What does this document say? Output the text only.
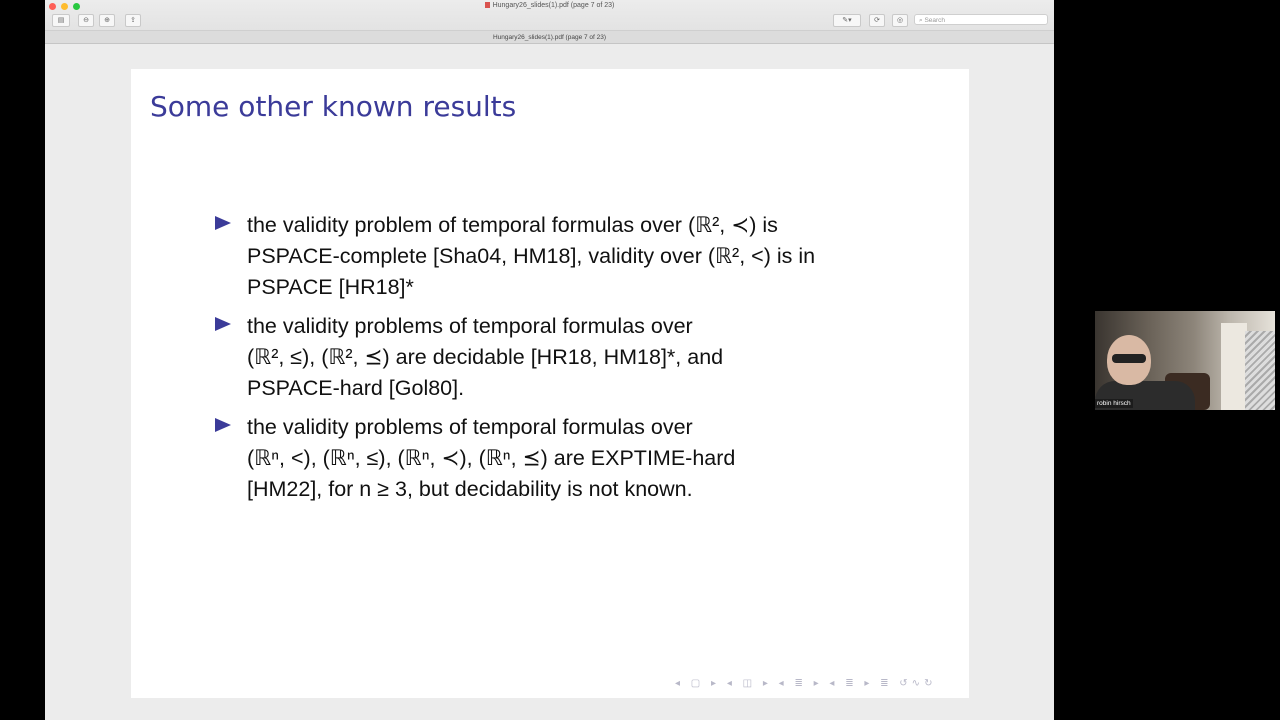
Hungary26_slides(1).pdf (page 7 of 23)
▤	⊖	⊕	⇪	✎▾	⟳	◎	⌕ Search
Hungary26_slides(1).pdf (page 7 of 23)
Some other known results
the validity problem of temporal formulas over (ℝ², ≺) is
PSPACE-complete [Sha04, HM18], validity over (ℝ², <) is in
PSPACE [HR18]*
the validity problems of temporal formulas over
(ℝ², ≤), (ℝ², ⪯) are decidable [HR18, HM18]*, and
PSPACE-hard [Gol80].
the validity problems of temporal formulas over
(ℝⁿ, <), (ℝⁿ, ≤), (ℝⁿ, ≺), (ℝⁿ, ⪯) are EXPTIME-hard
[HM22], for n ≥ 3, but decidability is not known.
◂ ▢ ▸ ◂ ◫ ▸ ◂ ≣ ▸ ◂ ≣ ▸ ≣ ↺∿↻
robin hirsch
